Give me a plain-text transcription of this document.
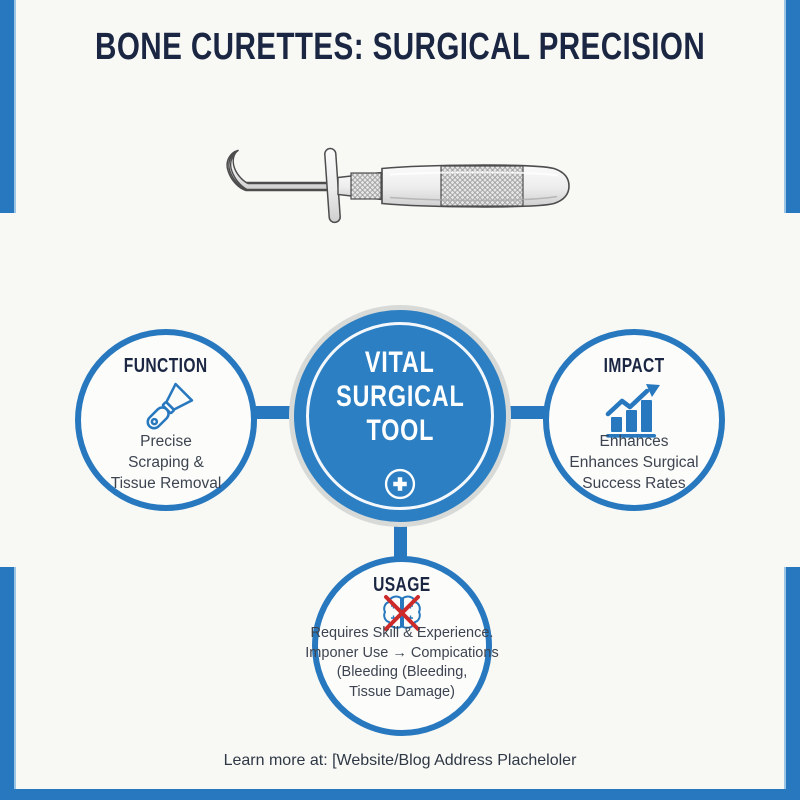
BONE CURETTES: SURGICAL PRECISION
VITAL
SURGICAL
TOOL
FUNCTION
Precise
Scraping &
Tissue Removal
IMPACT
Enhances
Enhances Surgical
Success Rates
USAGE
Requires Skill & Experience.
Imponer Use → Compications
(Bleeding (Bleeding,
Tissue Damage)
Learn more at: [Website/Blog Address Placheloler
